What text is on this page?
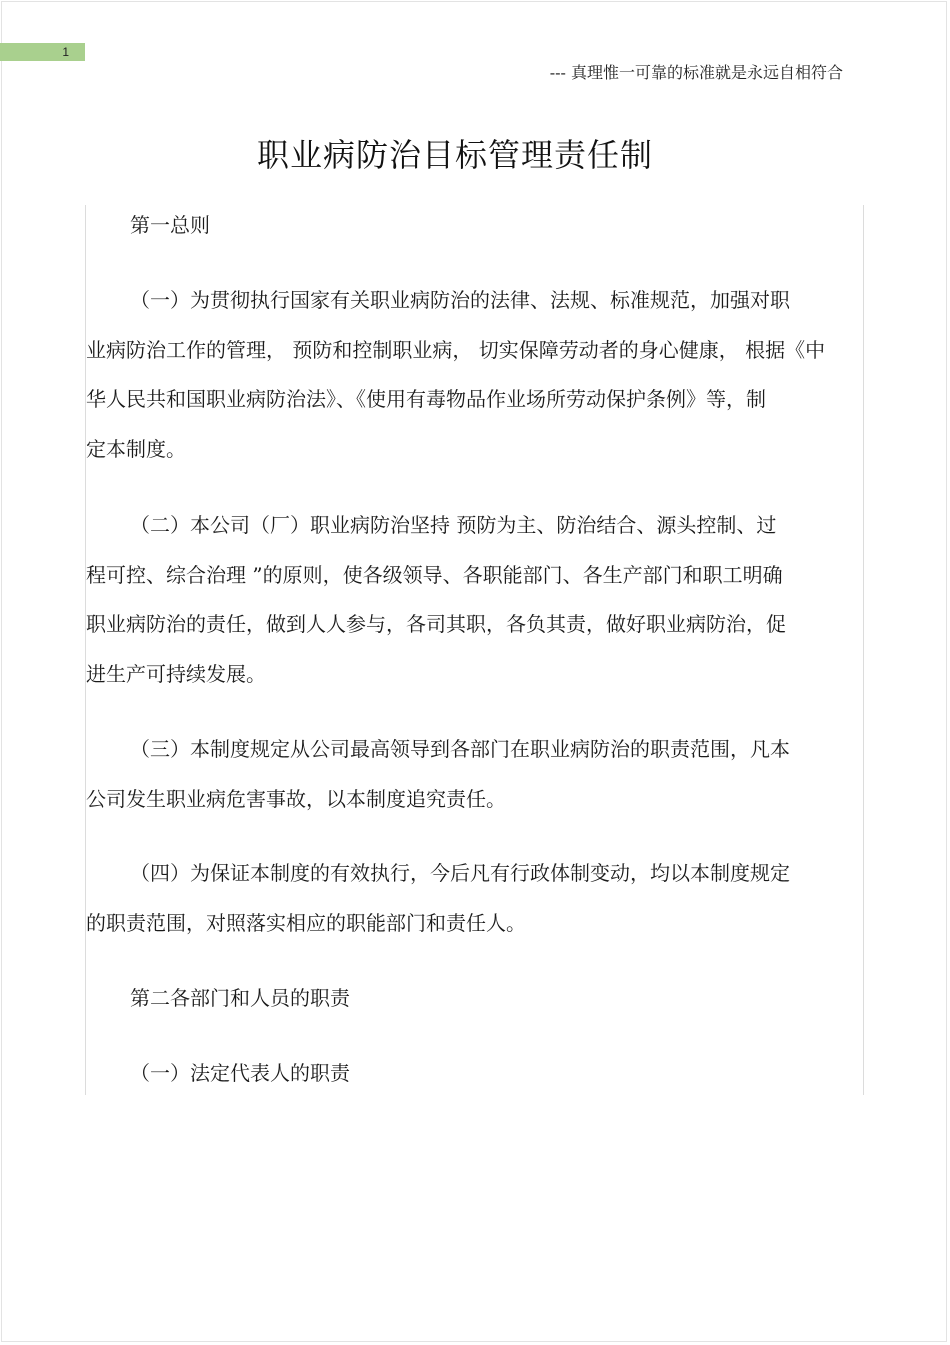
1
--- 真理惟一可靠的标准就是永远自相符合
职业病防治目标管理责任制
第一总则
（一）为贯彻执行国家有关职业病防治的法律、法规、标准规范，加强对职
业病防治工作的管理， 预防和控制职业病， 切实保障劳动者的身心健康， 根据《中
华人民共和国职业病防治法》、《使用有毒物品作业场所劳动保护条例》等，制
定本制度。
（二）本公司（厂）职业病防治坚持 预防为主、防治结合、源头控制、过
程可控、综合治理 ”的原则，使各级领导、各职能部门、各生产部门和职工明确
职业病防治的责任，做到人人参与，各司其职，各负其责，做好职业病防治，促
进生产可持续发展。
（三）本制度规定从公司最高领导到各部门在职业病防治的职责范围，凡本
公司发生职业病危害事故，以本制度追究责任。
（四）为保证本制度的有效执行，今后凡有行政体制变动，均以本制度规定
的职责范围，对照落实相应的职能部门和责任人。
第二各部门和人员的职责
（一）法定代表人的职责
